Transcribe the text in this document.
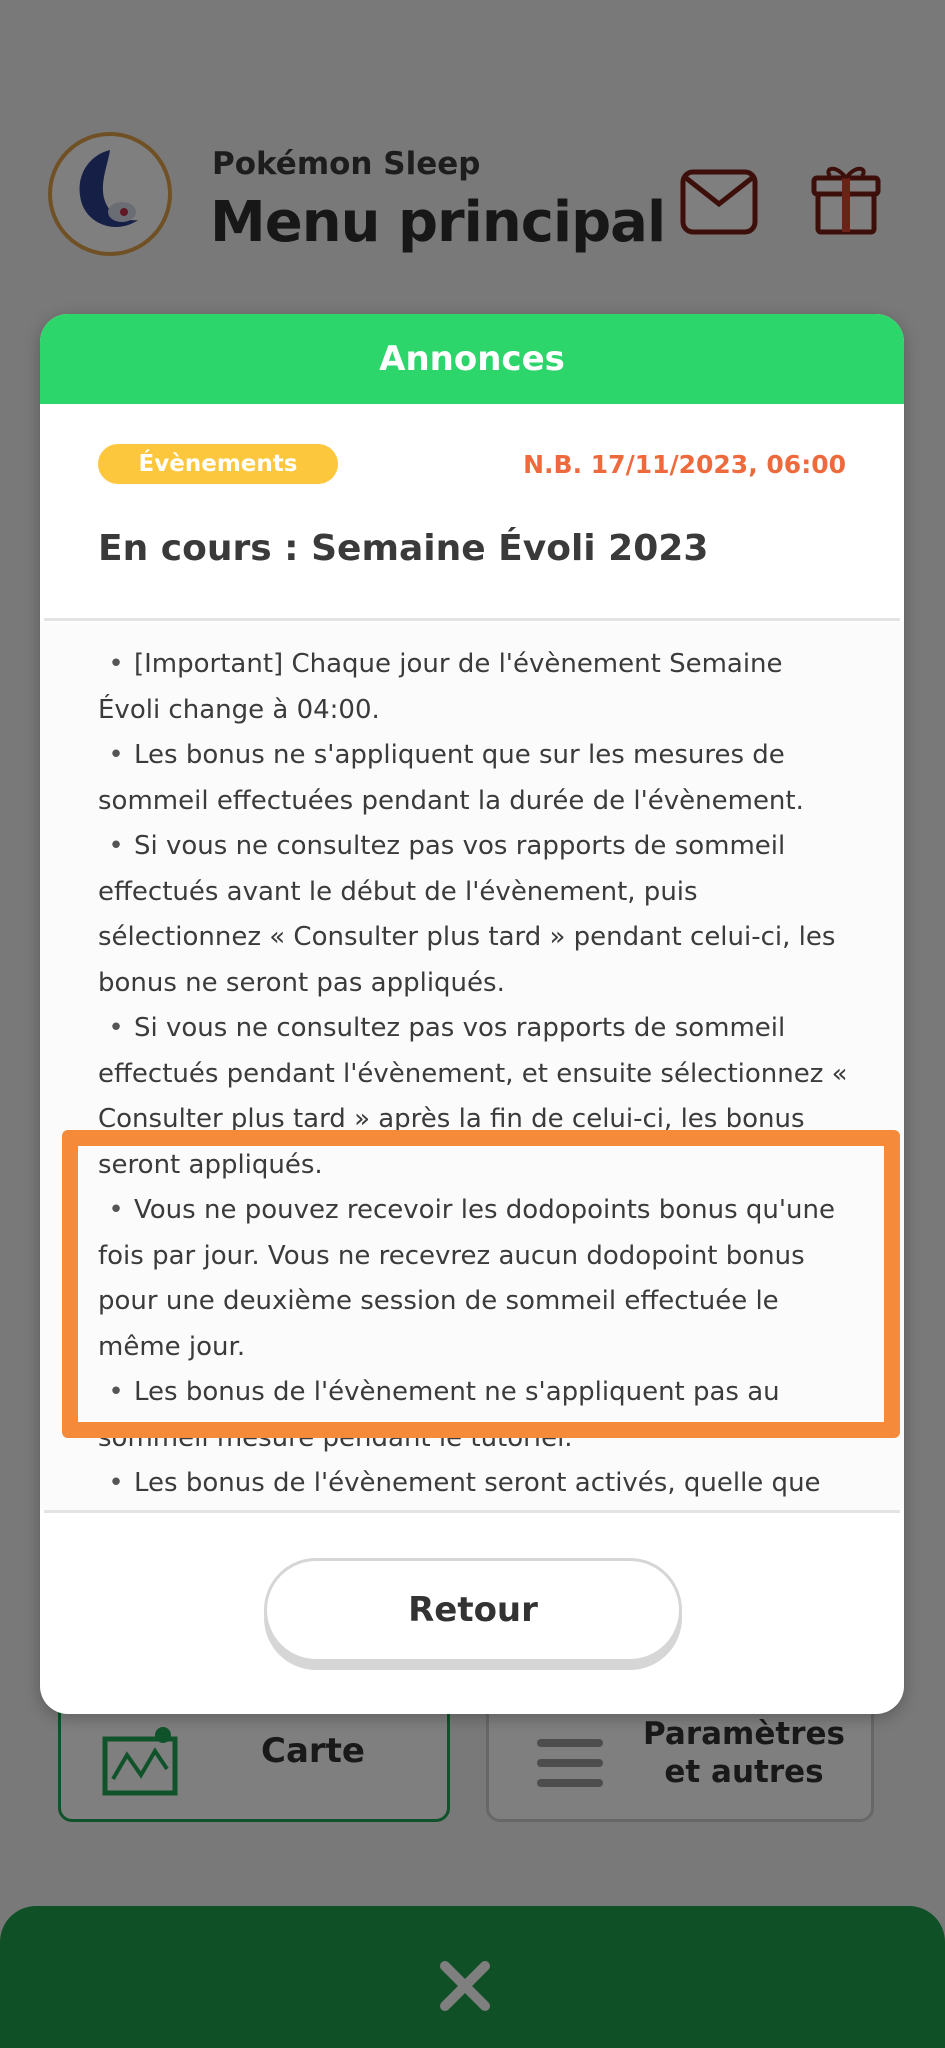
Annonces
Évènements	N.B. 17/11/2023, 06:00
En cours : Semaine Évoli 2023

• [Important] Chaque jour de l'évènement Semaine Évoli change à 04:00.

• Les bonus ne s'appliquent que sur les mesures de sommeil effectuées pendant la durée de l'évènement.

• Si vous ne consultez pas vos rapports de sommeil effectués avant le début de l'évènement, puis sélectionnez « Consulter plus tard » pendant celui-ci, les bonus ne seront pas appliqués.

• Si vous ne consultez pas vos rapports de sommeil effectués pendant l'évènement, et ensuite sélectionnez « Consulter plus tard » après la fin de celui-ci, les bonus seront appliqués.

• Vous ne pouvez recevoir les dodopoints bonus qu'une fois par jour. Vous ne recevrez aucun dodopoint bonus pour une deuxième session de sommeil effectuée le même jour.

• Les bonus de l'évènement ne s'appliquent pas au sommeil mesuré pendant le tutoriel.

• Les bonus de l'évènement seront activés, quelle que

Retour
